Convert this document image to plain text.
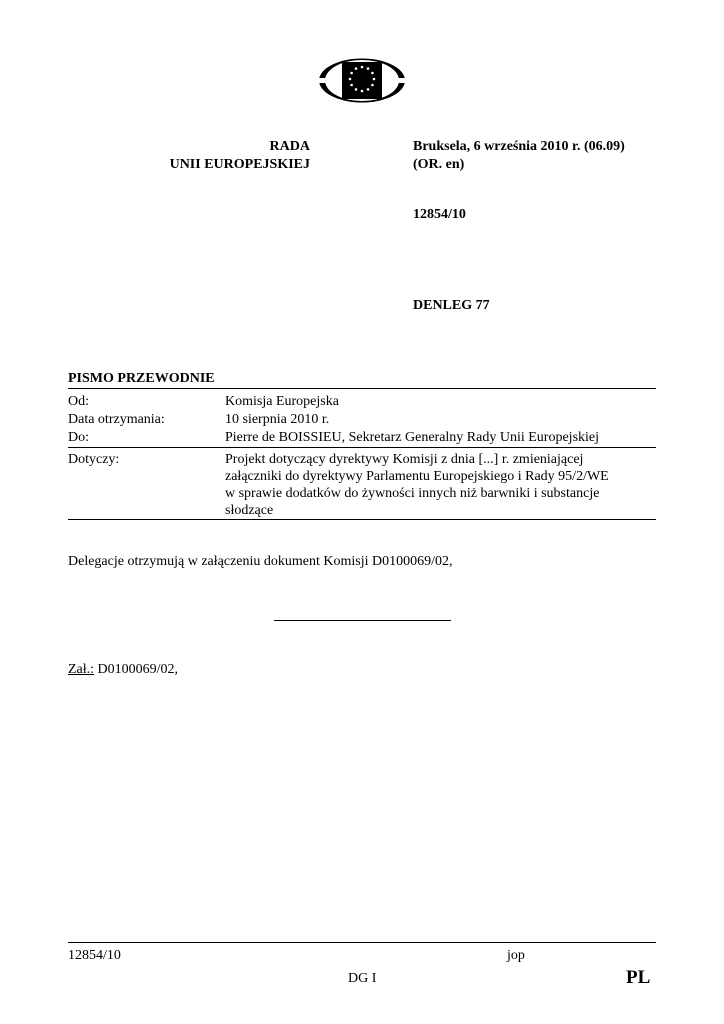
RADA
UNII EUROPEJSKIEJ
Bruksela, 6 września 2010 r. (06.09)
(OR. en)
12854/10
DENLEG 77
PISMO PRZEWODNIE
Od:	Komisja Europejska
Data otrzymania:	10 sierpnia 2010 r.
Do:	Pierre de BOISSIEU, Sekretarz Generalny Rady Unii Europejskiej
Dotyczy:	Projekt dotyczący dyrektywy Komisji z dnia [...] r. zmieniającej
załączniki do dyrektywy Parlamentu Europejskiego i Rady 95/2/WE
w sprawie dodatków do żywności innych niż barwniki i substancje
słodzące
Delegacje otrzymują w załączeniu dokument Komisji D0100069/02,
Zał.: D0100069/02,
12854/10	jop
DG I	PL
